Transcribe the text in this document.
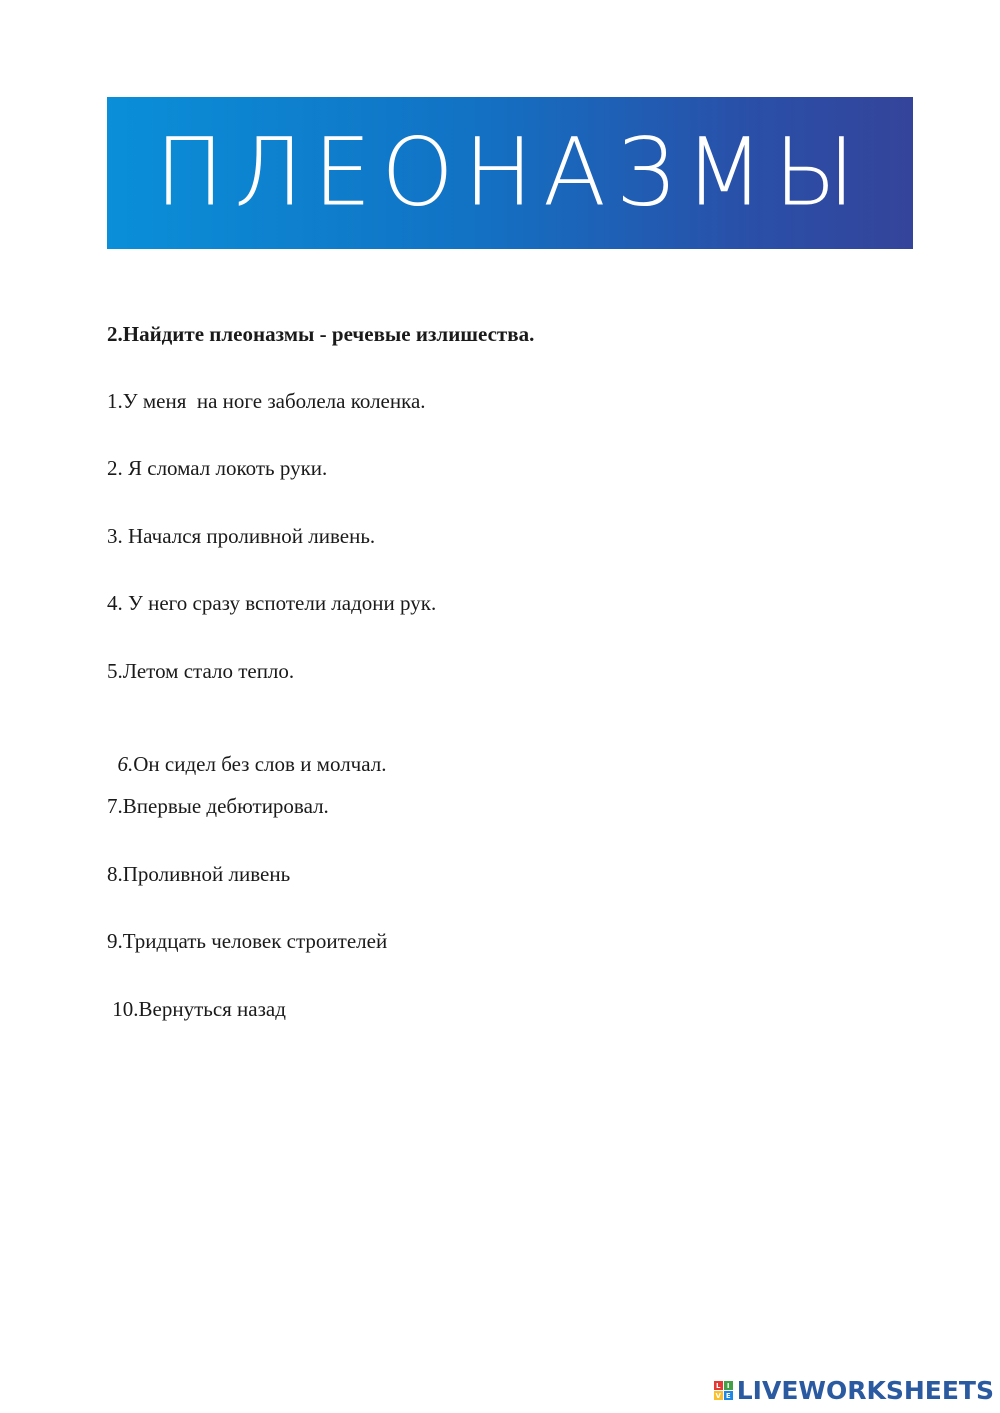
ПЛЕОНАЗМЫ
2.Найдите плеоназмы - речевые излишества.
1.У меня  на ноге заболела коленка.
2. Я сломал локоть руки.
3. Начался проливной ливень.
4. У него сразу вспотели ладони рук.
5.Летом стало тепло.

6.Он сидел без слов и молчал.

7.Впервые дебютировал.
8.Проливной ливень
9.Тридцать человек строителей
10.Вернуться назад
L I
V E LIVEWORKSHEETS
